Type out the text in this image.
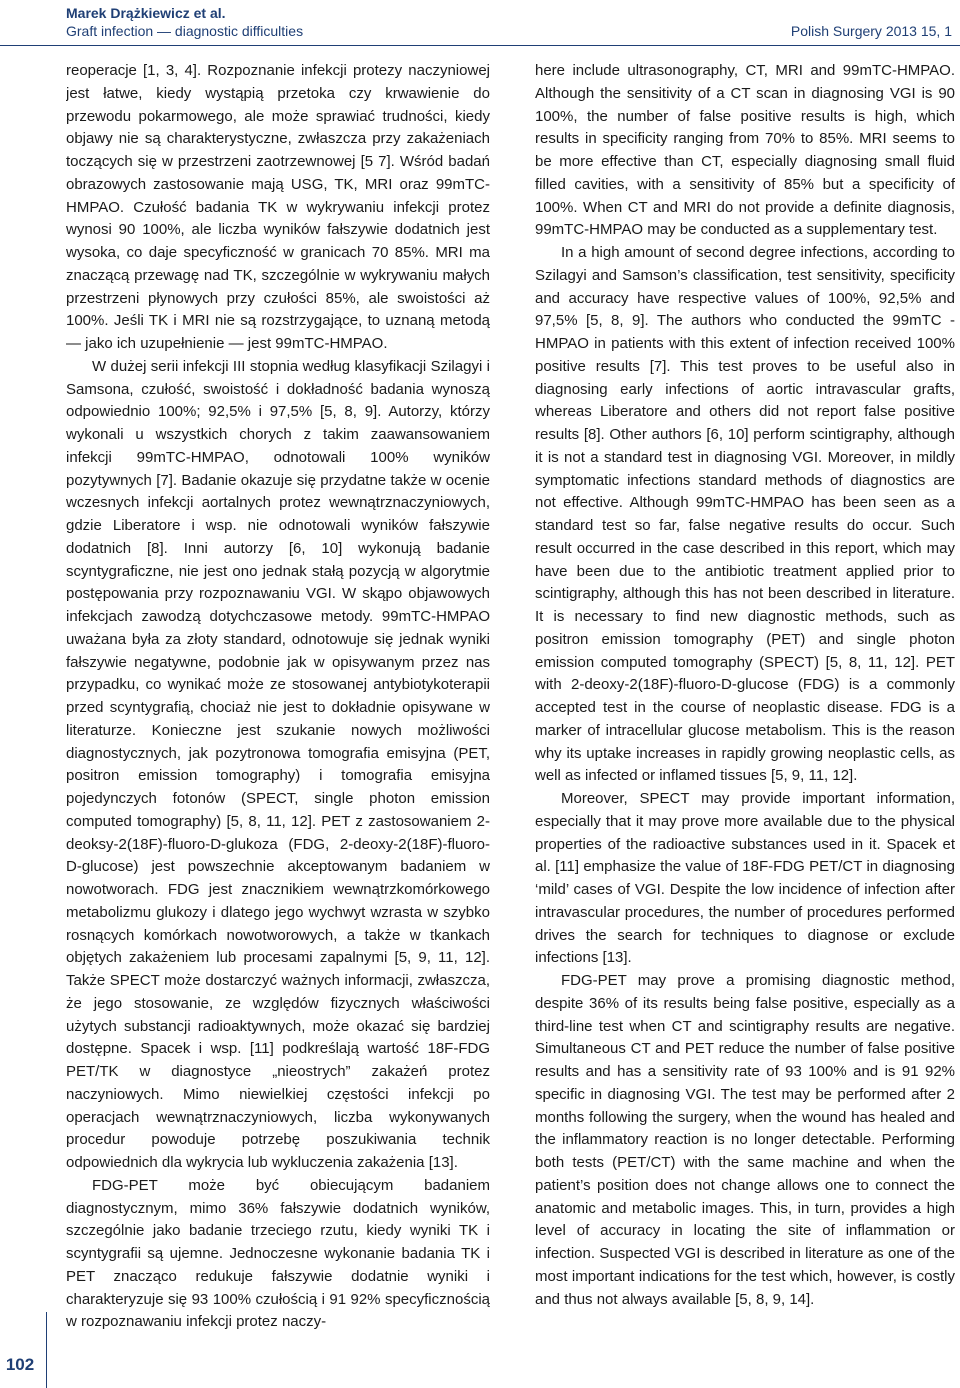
Marek Drążkiewicz et al.
Graft infection — diagnostic difficulties	Polish Surgery 2013 15, 1

reoperacje [1, 3, 4]. Rozpoznanie infekcji protezy naczyniowej jest łatwe, kiedy wystąpią przetoka czy krwawienie do przewodu pokarmowego, ale może sprawiać trudności, kiedy objawy nie są charakterystyczne, zwłaszcza przy zakażeniach toczących się w przestrzeni zaotrzewnowej [5 7]. Wśród badań obrazowych zastosowanie mają USG, TK, MRI oraz 99mTC-HMPAO. Czułość badania TK w wykrywaniu infekcji protez wynosi 90 100%, ale liczba wyników fałszywie dodatnich jest wysoka, co daje specyficzność w granicach 70 85%. MRI ma znaczącą przewagę nad TK, szczególnie w wykrywaniu małych przestrzeni płynowych przy czułości 85%, ale swoistości aż 100%. Jeśli TK i MRI nie są rozstrzygające, to uznaną metodą — jako ich uzupełnienie — jest 99mTC-HMPAO.

W dużej serii infekcji III stopnia według klasyfikacji Szilagyi i Samsona, czułość, swoistość i dokładność badania wynoszą odpowiednio 100%; 92,5% i 97,5% [5, 8, 9]. Autorzy, którzy wykonali u wszystkich chorych z takim zaawansowaniem infekcji 99mTC-HMPAO, odnotowali 100% wyników pozytywnych [7]. Badanie okazuje się przydatne także w ocenie wczesnych infekcji aortalnych protez wewnątrznaczyniowych, gdzie Liberatore i wsp. nie odnotowali wyników fałszywie dodatnich [8]. Inni autorzy [6, 10] wykonują badanie scyntygraficzne, nie jest ono jednak stałą pozycją w algorytmie postępowania przy rozpoznawaniu VGI. W skąpo objawowych infekcjach zawodzą dotychczasowe metody. 99mTC-HMPAO uważana była za złoty standard, odnotowuje się jednak wyniki fałszywie negatywne, podobnie jak w opisywanym przez nas przypadku, co wynikać może ze stosowanej antybiotykoterapii przed scyntygrafią, chociaż nie jest to dokładnie opisywane w literaturze. Konieczne jest szukanie nowych możliwości diagnostycznych, jak pozytronowa tomografia emisyjna (PET, positron emission tomography) i tomografia emisyjna pojedynczych fotonów (SPECT, single photon emission computed tomography) [5, 8, 11, 12]. PET z zastosowaniem 2-deoksy-2(18F)-fluoro-D-glukoza (FDG, 2-deoxy-2(18F)-fluoro-D-glucose) jest powszechnie akceptowanym badaniem w nowotworach. FDG jest znacznikiem wewnątrzkomórkowego metabolizmu glukozy i dlatego jego wychwyt wzrasta w szybko rosnących komórkach nowotworowych, a także w tkankach objętych zakażeniem lub procesami zapalnymi [5, 9, 11, 12]. Także SPECT może dostarczyć ważnych informacji, zwłaszcza, że jego stosowanie, ze względów fizycznych właściwości użytych substancji radioaktywnych, może okazać się bardziej dostępne. Spacek i wsp. [11] podkreślają wartość 18F-FDG PET/TK w diagnostyce „nieostrych” zakażeń protez naczyniowych. Mimo niewielkiej częstości infekcji po operacjach wewnątrznaczyniowych, liczba wykonywanych procedur powoduje potrzebę poszukiwania technik odpowiednich dla wykrycia lub wykluczenia zakażenia [13].

FDG-PET może być obiecującym badaniem diagnostycznym, mimo 36% fałszywie dodatnich wyników, szczególnie jako badanie trzeciego rzutu, kiedy wyniki TK i scyntygrafii są ujemne. Jednoczesne wykonanie badania TK i PET znacząco redukuje fałszywie dodatnie wyniki i charakteryzuje się 93 100% czułością i 91 92% specyficznością w rozpoznawaniu infekcji protez naczy-

here include ultrasonography, CT, MRI and 99mTC-HMPAO. Although the sensitivity of a CT scan in diagnosing VGI is 90 100%, the number of false positive results is high, which results in specificity ranging from 70% to 85%. MRI seems to be more effective than CT, especially diagnosing small fluid filled cavities, with a sensitivity of 85% but a specificity of 100%. When CT and MRI do not provide a definite diagnosis, 99mTC-HMPAO may be conducted as a supplementary test.

In a high amount of second degree infections, according to Szilagyi and Samson’s classification, test sensitivity, specificity and accuracy have respective values of 100%, 92,5% and 97,5% [5, 8, 9]. The authors who conducted the 99mTC -HMPAO in patients with this extent of infection received 100% positive results [7]. This test proves to be useful also in diagnosing early infections of aortic intravascular grafts, whereas Liberatore and others did not report false positive results [8]. Other authors [6, 10] perform scintigraphy, although it is not a standard test in diagnosing VGI. Moreover, in mildly symptomatic infections standard methods of diagnostics are not effective. Although 99mTC-HMPAO has been seen as a standard test so far, false negative results do occur. Such result occurred in the case described in this report, which may have been due to the antibiotic treatment applied prior to scintigraphy, although this has not been described in literature. It is necessary to find new diagnostic methods, such as positron emission tomography (PET) and single photon emission computed tomography (SPECT) [5, 8, 11, 12]. PET with 2-deoxy-2(18F)-fluoro-D-glucose (FDG) is a commonly accepted test in the course of neoplastic disease. FDG is a marker of intracellular glucose metabolism. This is the reason why its uptake increases in rapidly growing neoplastic cells, as well as infected or inflamed tissues [5, 9, 11, 12].

Moreover, SPECT may provide important information, especially that it may prove more available due to the physical properties of the radioactive substances used in it. Spacek et al. [11] emphasize the value of 18F-FDG PET/CT in diagnosing ‘mild’ cases of VGI. Despite the low incidence of infection after intravascular procedures, the number of procedures performed drives the search for techniques to diagnose or exclude infections [13].

FDG-PET may prove a promising diagnostic method, despite 36% of its results being false positive, especially as a third-line test when CT and scintigraphy results are negative. Simultaneous CT and PET reduce the number of false positive results and has a sensitivity rate of 93 100% and is 91 92% specific in diagnosing VGI. The test may be performed after 2 months following the surgery, when the wound has healed and the inflammatory reaction is no longer detectable. Performing both tests (PET/CT) with the same machine and when the patient’s position does not change allows one to connect the anatomic and metabolic images. This, in turn, provides a high level of accuracy in locating the site of inflammation or infection. Suspected VGI is described in literature as one of the most important indications for the test which, however, is costly and thus not always available [5, 8, 9, 14].

102
